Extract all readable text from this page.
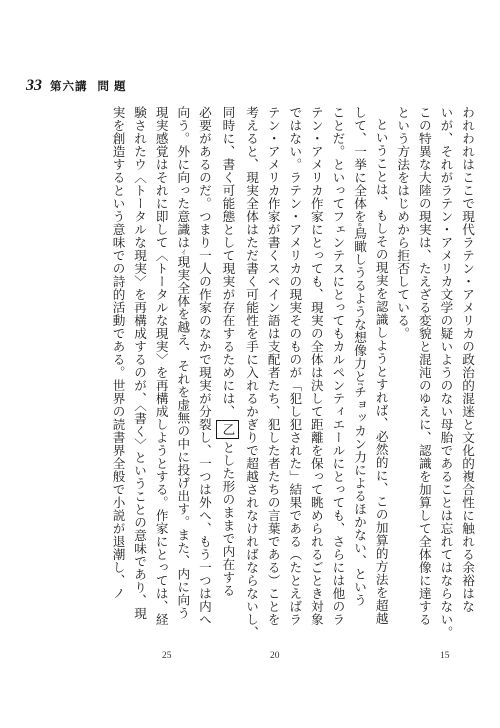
33 第六講 問題
われわれはここで現代ラテン・アメリカの政治的混迷と文化的複合性に触れる余裕はな
いが、それがラテン・アメリカ文学の疑いようのない母胎であることは忘れてはならない。
この特異な大陸の現実は、たえざる変貌と混沌のゆえに、認識を加算して全体像に達する
という方法をはじめから拒否している。
ということは、もしその現実を認識しようとすれば、必然的に、この加算的方法を超越
して、一挙に全体をe鳥瞰しうるような想像力とfチョッカン力によるほかない、という
ことだ。といってフェンテスにとってもカルペンティエールにとっても、さらには他のラ
テン・アメリカ作家にとっても、現実の全体は決して距離を保って眺められるごとき対象
ではない。ラテン・アメリカの現実そのものが「犯し犯された」結果である（たとえばラ
テン・アメリカ作家が書くスペイン語は支配者たち、犯した者たちの言葉である）ことを
考えると、現実全体はただ書く可能性を手に入れるかぎりで超越されなければならないし、
同時に、書く可能態として現実が存在するためには、乙とした形のままで内在する
必要があるのだ。つまり一人の作家のなかで現実が分裂し、一つは外へ、もう一つは内へ
向う。外に向った意識はイ現実全体を越え、それを虚無の中に投げ出す。また、内に向う
現実感覚はそれに即して〈トータルな現実〉を再構成しようとする。作家にとっては、経
験されたウ〈トータルな現実〉を再構成するのが、〈書く〉ということの意味であり、現
実を創造するという意味での詩的活動である。世界の読書界全般で小説が退潮し、ノ
15
20
25
